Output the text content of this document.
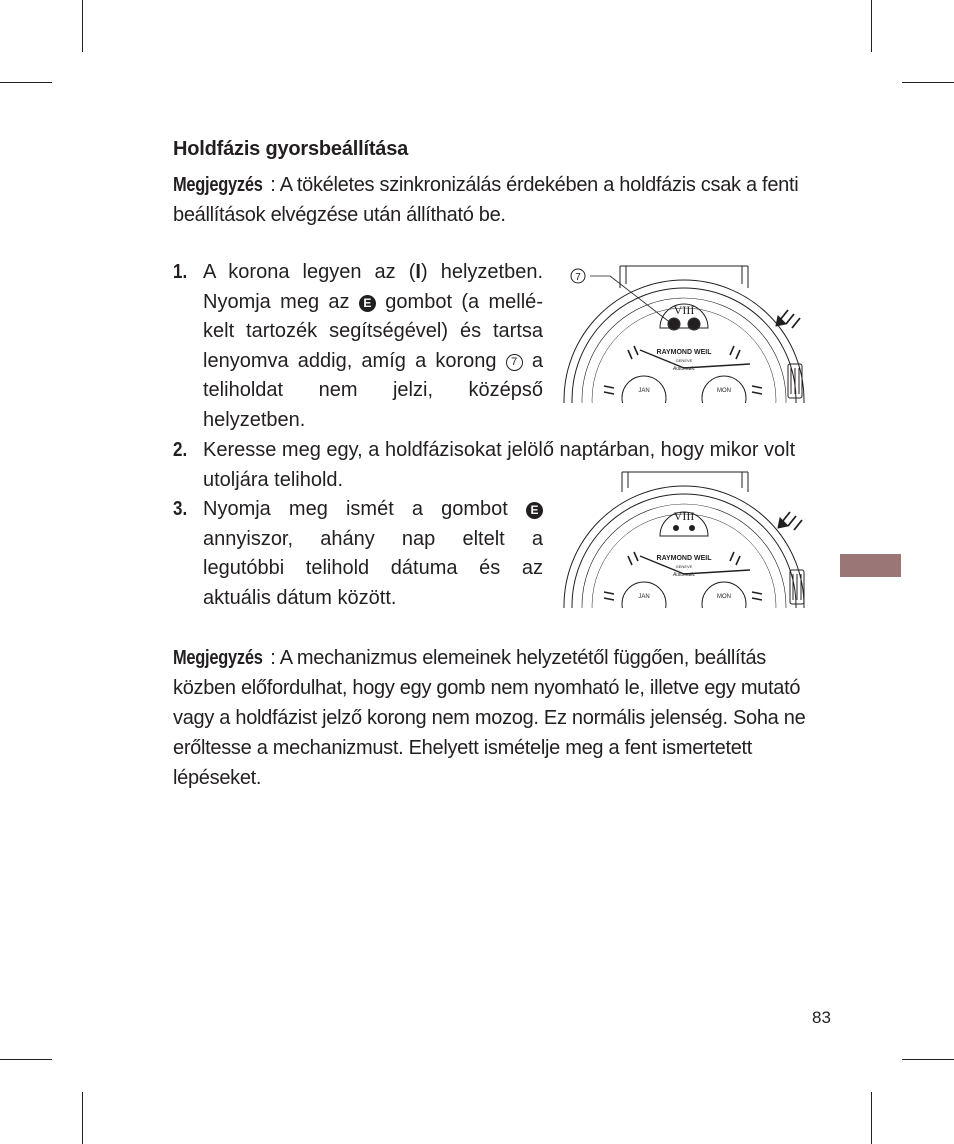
Holdfázis gyorsbeállítása

Megjegyzés : A tökéletes szinkronizálás érdekében a holdfázis csak a fenti beállítások elvégzése után állítható be.

1. A korona legyen az (I) helyzetben. Nyomja meg az E gombot (a mellékelt tartozék segítségével) és tartsa lenyomva addig, amíg a korong 7 a teliholdat nem jelzi, középső helyzetben.

2. Keresse meg egy, a holdfázisokat jelölő naptárban, hogy mikor volt utoljára telihold.

3. Nyomja meg ismét a gombot E annyiszor, ahány nap eltelt a legutóbbi telihold dátuma és az aktuális dátum között.

7
RAYMOND WEIL
GENEVE
Automatic
VIII
JAN	MON
RAYMOND WEIL
GENEVE
Automatic
VIII
JAN	MON

Megjegyzés : A mechanizmus elemeinek helyzetétől függően, beállítás közben előfordulhat, hogy egy gomb nem nyomható le, illetve egy mutató vagy a holdfázist jelző korong nem mozog. Ez normális jelenség. Soha ne erőltesse a mechanizmust. Ehelyett ismételje meg a fent ismertetett lépéseket.

83
